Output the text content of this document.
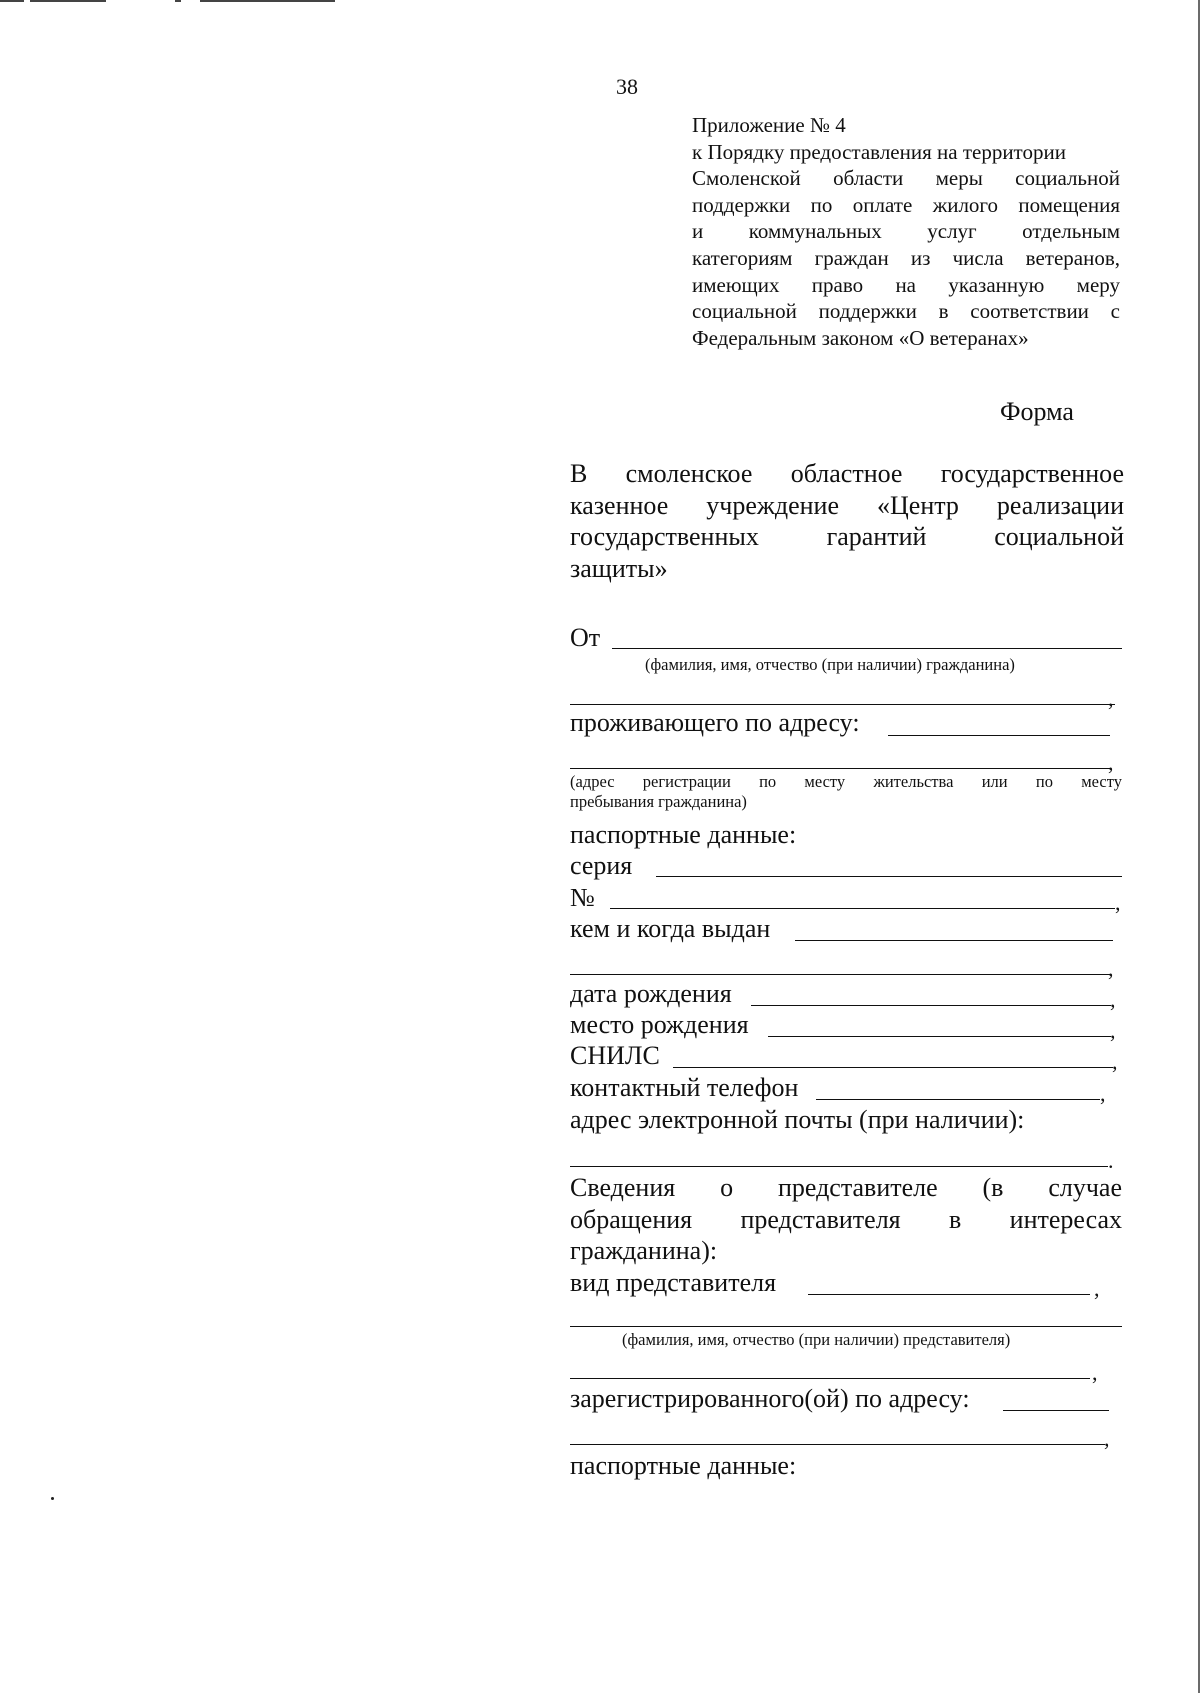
38
Приложение № 4
к Порядку предоставления на территории
Смоленской области меры социальной
поддержки по оплате жилого помещения
и коммунальных услуг отдельным
категориям граждан из числа ветеранов,
имеющих право на указанную меру
социальной поддержки в соответствии с
Федеральным законом «О ветеранах»
Форма
В смоленское областное государственное
казенное учреждение «Центр реализации
государственных гарантий социальной
защиты»
От
(фамилия, имя, отчество (при наличии) гражданина)
,
проживающего по адресу:
,
(адрес регистрации по месту жительства или по месту
пребывания гражданина)
паспортные данные:
серия
№	,
кем и когда выдан
,
дата рождения	,
место рождения	,
СНИЛС	,
контактный телефон	,
адрес электронной почты (при наличии):
.
Сведения о представителе (в случае
обращения представителя в интересах
гражданина):
вид представителя	,
(фамилия, имя, отчество (при наличии) представителя)
,
зарегистрированного(ой) по адресу:
,
паспортные данные:
